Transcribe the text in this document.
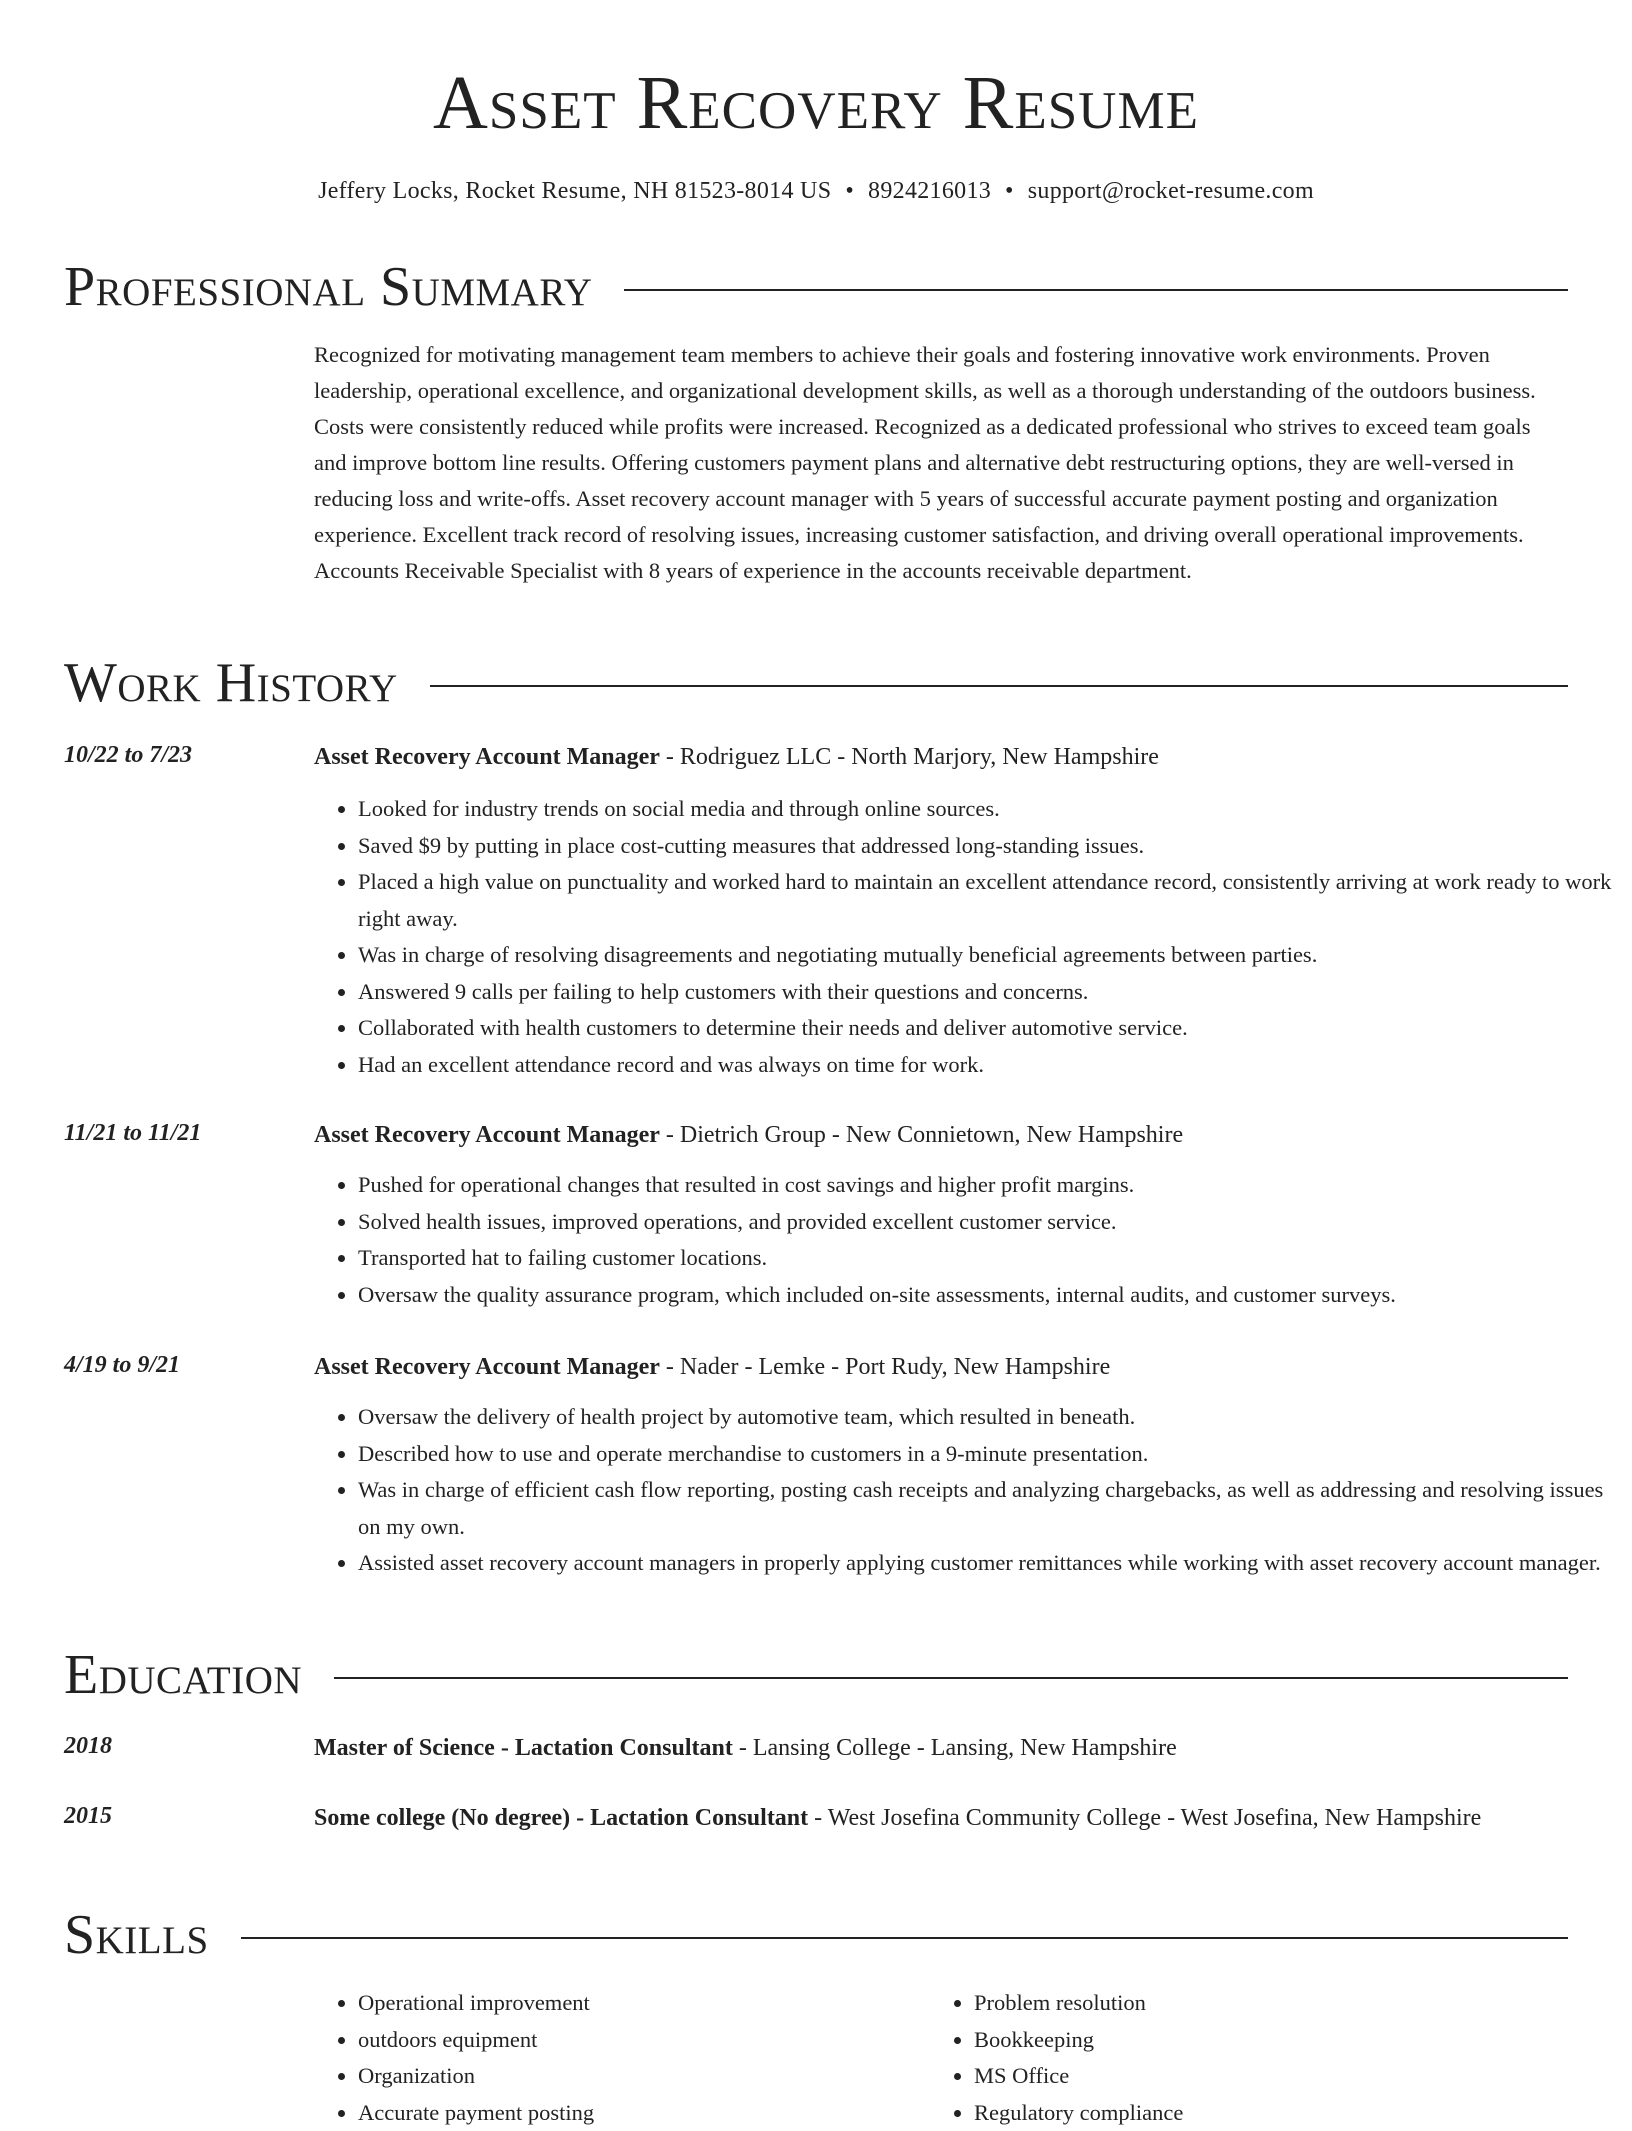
Asset Recovery Resume
Jeffery Locks, Rocket Resume, NH 81523-8014 US • 8924216013 • support@rocket-resume.com
Professional Summary

Recognized for motivating management team members to achieve their goals and fostering innovative work environments. Proven leadership, operational excellence, and organizational development skills, as well as a thorough understanding of the outdoors business. Costs were consistently reduced while profits were increased. Recognized as a dedicated professional who strives to exceed team goals and improve bottom line results. Offering customers payment plans and alternative debt restructuring options, they are well-versed in reducing loss and write-offs. Asset recovery account manager with 5 years of successful accurate payment posting and organization experience. Excellent track record of resolving issues, increasing customer satisfaction, and driving overall operational improvements. Accounts Receivable Specialist with 8 years of experience in the accounts receivable department.

Work History
10/22 to 7/23	Asset Recovery Account Manager - Rodriguez LLC - North Marjory, New Hampshire
• Looked for industry trends on social media and through online sources.
• Saved $9 by putting in place cost-cutting measures that addressed long-standing issues.
• Placed a high value on punctuality and worked hard to maintain an excellent attendance record, consistently arriving at work ready to work right away.
• Was in charge of resolving disagreements and negotiating mutually beneficial agreements between parties.
• Answered 9 calls per failing to help customers with their questions and concerns.
• Collaborated with health customers to determine their needs and deliver automotive service.
• Had an excellent attendance record and was always on time for work.
11/21 to 11/21	Asset Recovery Account Manager - Dietrich Group - New Connietown, New Hampshire
• Pushed for operational changes that resulted in cost savings and higher profit margins.
• Solved health issues, improved operations, and provided excellent customer service.
• Transported hat to failing customer locations.
• Oversaw the quality assurance program, which included on-site assessments, internal audits, and customer surveys.
4/19 to 9/21	Asset Recovery Account Manager - Nader - Lemke - Port Rudy, New Hampshire
• Oversaw the delivery of health project by automotive team, which resulted in beneath.
• Described how to use and operate merchandise to customers in a 9-minute presentation.
• Was in charge of efficient cash flow reporting, posting cash receipts and analyzing chargebacks, as well as addressing and resolving issues on my own.
• Assisted asset recovery account managers in properly applying customer remittances while working with asset recovery account manager.
Education
2018	Master of Science - Lactation Consultant - Lansing College - Lansing, New Hampshire
2015	Some college (No degree) - Lactation Consultant - West Josefina Community College - West Josefina, New Hampshire
Skills
• Operational improvement
• outdoors equipment
• Organization
• Accurate payment posting
• Problem resolution
• Bookkeeping
• MS Office
• Regulatory compliance
